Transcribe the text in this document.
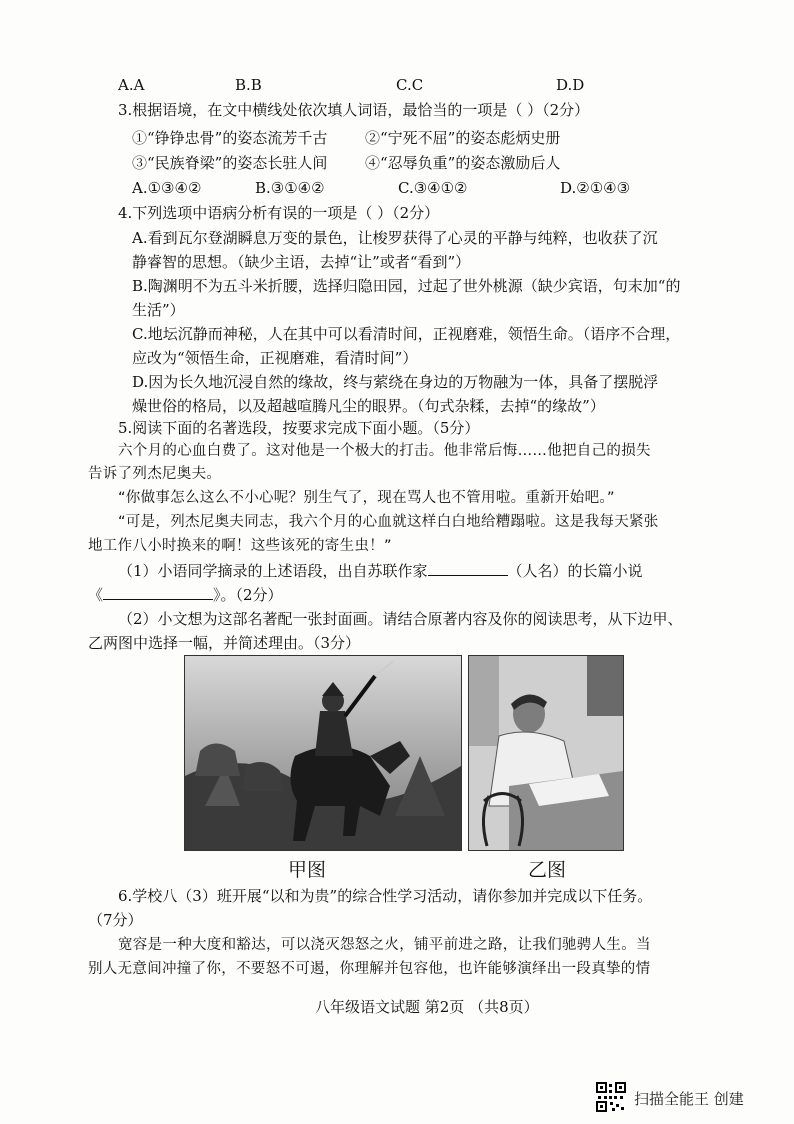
A.A	B.B	C.C	D.D
3.根据语境，在文中横线处依次填人词语，最恰当的一项是（ ）（2分）
①“铮铮忠骨”的姿态流芳千古	②“宁死不屈”的姿态彪炳史册
③“民族脊梁”的姿态长驻人间	④“忍辱负重”的姿态激励后人
A.①③④②	B.③①④②	C.③④①②	D.②①④③
4.下列选项中语病分析有误的一项是（ ）（2分）
A.看到瓦尔登湖瞬息万变的景色，让梭罗获得了心灵的平静与纯粹，也收获了沉
静睿智的思想。（缺少主语，去掉“让”或者“看到”）
B.陶渊明不为五斗米折腰，选择归隐田园，过起了世外桃源（缺少宾语，句末加“的
生活”）
C.地坛沉静而神秘，人在其中可以看清时间，正视磨难，领悟生命。（语序不合理，
应改为“领悟生命，正视磨难，看清时间”）
D.因为长久地沉浸自然的缘故，终与萦绕在身边的万物融为一体，具备了摆脱浮
燥世俗的格局，以及超越喧腾凡尘的眼界。（句式杂糅，去掉“的缘故”）
5.阅读下面的名著选段，按要求完成下面小题。（5分）
六个月的心血白费了。这对他是一个极大的打击。他非常后悔……他把自己的损失
告诉了列杰尼奥夫。
“你做事怎么这么不小心呢？别生气了，现在骂人也不管用啦。重新开始吧。”
“可是，列杰尼奥夫同志，我六个月的心血就这样白白地给糟蹋啦。这是我每天紧张
地工作八小时换来的啊！这些该死的寄生虫！”
（1）小语同学摘录的上述语段，出自苏联作家	（人名）的长篇小说
《	》。（2分）
（2）小文想为这部名著配一张封面画。请结合原著内容及你的阅读思考，从下边甲、
乙两图中选择一幅，并简述理由。（3分）
甲图	乙图
6.学校八（3）班开展“以和为贵”的综合性学习活动，请你参加并完成以下任务。
（7分）
宽容是一种大度和豁达，可以浇灭怨怒之火，铺平前进之路，让我们驰骋人生。当
别人无意间冲撞了你，不要怒不可遏，你理解并包容他，也许能够演绎出一段真挚的情
八年级语文试题 第2页 （共8页）
扫描全能王 创建
